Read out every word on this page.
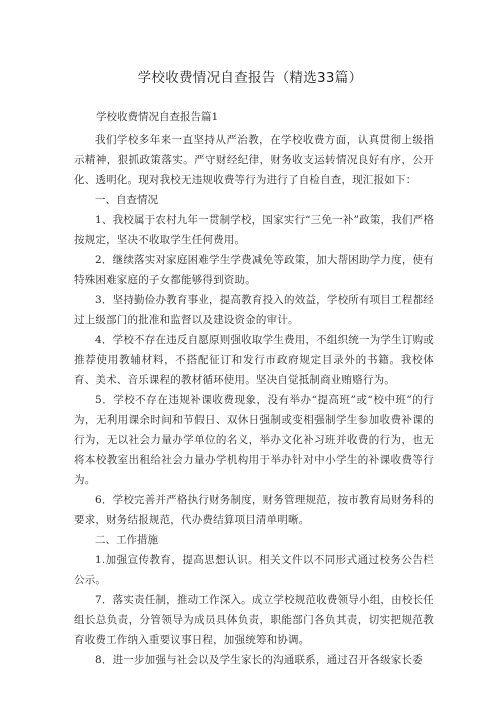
学校收费情况自查报告（精选33篇）
学校收费情况自查报告篇1

我们学校多年来一直坚持从严治教，在学校收费方面，认真贯彻上级指示精神，狠抓政策落实。严守财经纪律，财务收支运转情况良好有序，公开化、透明化。现对我校无违规收费等行为进行了自检自查，现汇报如下：

一、自查情况

1、我校属于农村九年一贯制学校，国家实行“三免一补”政策，我们严格按规定，坚决不收取学生任何费用。

2．继续落实对家庭困难学生学费减免等政策，加大帮困助学力度，使有特殊困难家庭的子女都能够得到资助。

3．坚持勤俭办教育事业，提高教育投入的效益，学校所有项目工程都经过上级部门的批准和监督以及建设资金的审计。

4．学校不存在违反自愿原则强收取学生费用，不组织统一为学生订购或推荐使用教辅材料，不搭配征订和发行市政府规定目录外的书籍。我校体育、美术、音乐课程的教材循环使用。坚决自觉抵制商业贿赂行为。

5．学校不存在违规补课收费现象，没有举办“提高班”或“校中班”的行为，无利用课余时间和节假日、双休日强制或变相强制学生参加收费补课的行为，无以社会力量办学单位的名义，举办文化补习班并收费的行为，也无将本校教室出租给社会力量办学机构用于举办针对中小学生的补课收费等行为。

6．学校完善并严格执行财务制度，财务管理规范，按市教育局财务科的要求，财务结报规范，代办费结算项目清单明晰。

二、工作措施

1.加强宣传教育，提高思想认识。相关文件以不同形式通过校务公告栏公示。

7．落实责任制，推动工作深入。成立学校规范收费领导小组，由校长任组长总负责，分管领导为成员具体负责，职能部门各负其责，切实把规范教育收费工作纳入重要议事日程，加强统筹和协调。

8．进一步加强与社会以及学生家长的沟通联系，通过召开各级家长委
